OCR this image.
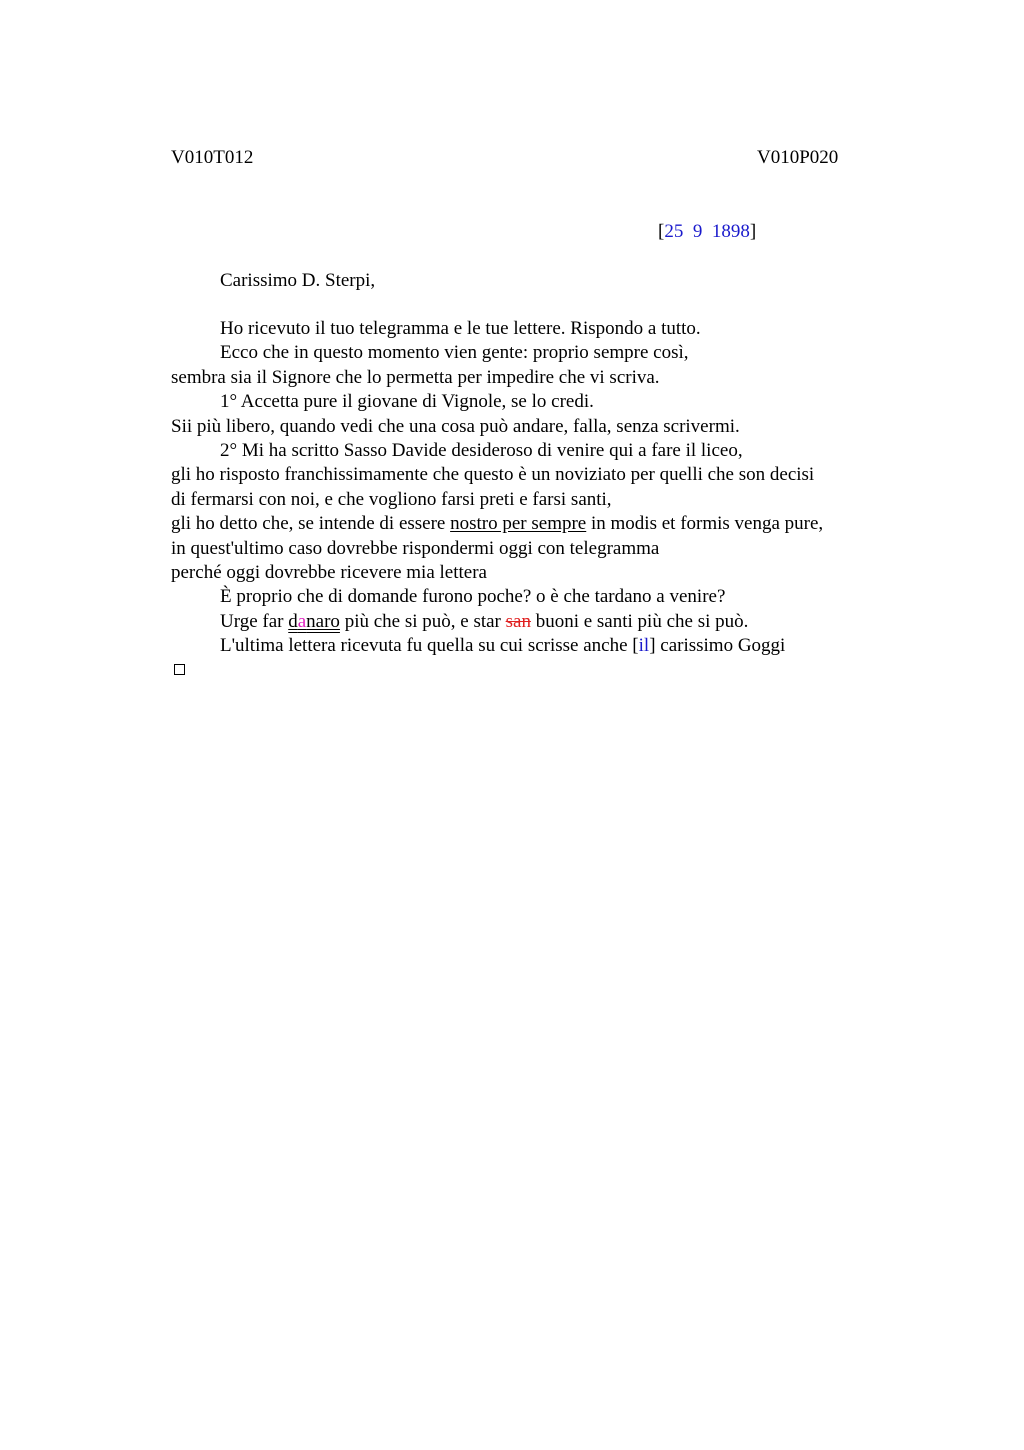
V010T012	V010P020
[25 9 1898]
Carissimo D. Sterpi,
Ho ricevuto il tuo telegramma e le tue lettere. Rispondo a tutto.
Ecco che in questo momento vien gente: proprio sempre così,
sembra sia il Signore che lo permetta per impedire che vi scriva.
1° Accetta pure il giovane di Vignole, se lo credi.
Sii più libero, quando vedi che una cosa può andare, falla, senza scrivermi.
2° Mi ha scritto Sasso Davide desideroso di venire qui a fare il liceo,
gli ho risposto franchissimamente che questo è un noviziato per quelli che son decisi
di fermarsi con noi, e che vogliono farsi preti e farsi santi,
gli ho detto che, se intende di essere nostro per sempre in modis et formis venga pure,
in quest'ultimo caso dovrebbe rispondermi oggi con telegramma
perché oggi dovrebbe ricevere mia lettera
È proprio che di domande furono poche? o è che tardano a venire?
Urge far danaro più che si può, e star san buoni e santi più che si può.
L'ultima lettera ricevuta fu quella su cui scrisse anche [il] carissimo Goggi
